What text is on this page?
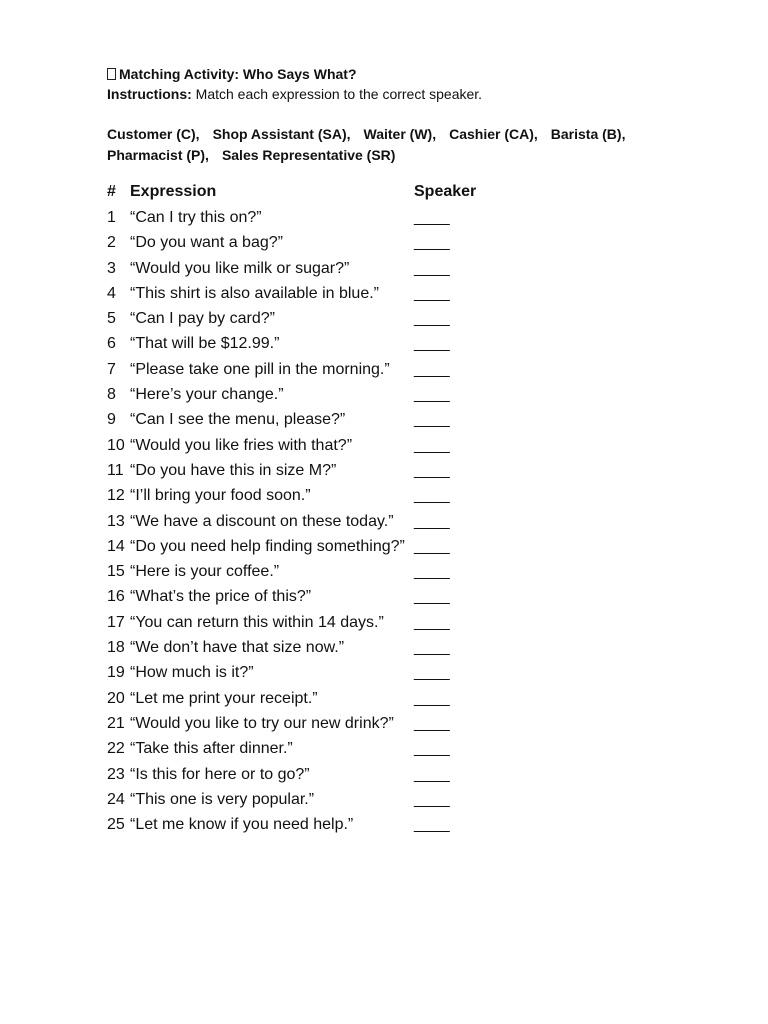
Matching Activity: Who Says What?
Instructions: Match each expression to the correct speaker.
Customer (C), Shop Assistant (SA), Waiter (W), Cashier (CA), Barista (B),
Pharmacist (P), Sales Representative (SR)
# Expression	Speaker
1 “Can I try this on?”	____
2 “Do you want a bag?”	____
3 “Would you like milk or sugar?”	____
4 “This shirt is also available in blue.”	____
5 “Can I pay by card?”	____
6 “That will be $12.99.”	____
7 “Please take one pill in the morning.”	____
8 “Here’s your change.”	____
9 “Can I see the menu, please?”	____
10 “Would you like fries with that?”	____
11 “Do you have this in size M?”	____
12 “I’ll bring your food soon.”	____
13 “We have a discount on these today.”	____
14 “Do you need help finding something?” ____
15 “Here is your coffee.”	____
16 “What’s the price of this?”	____
17 “You can return this within 14 days.”	____
18 “We don’t have that size now.”	____
19 “How much is it?”	____
20 “Let me print your receipt.”	____
21 “Would you like to try our new drink?”	____
22 “Take this after dinner.”	____
23 “Is this for here or to go?”	____
24 “This one is very popular.”	____
25 “Let me know if you need help.”	____
